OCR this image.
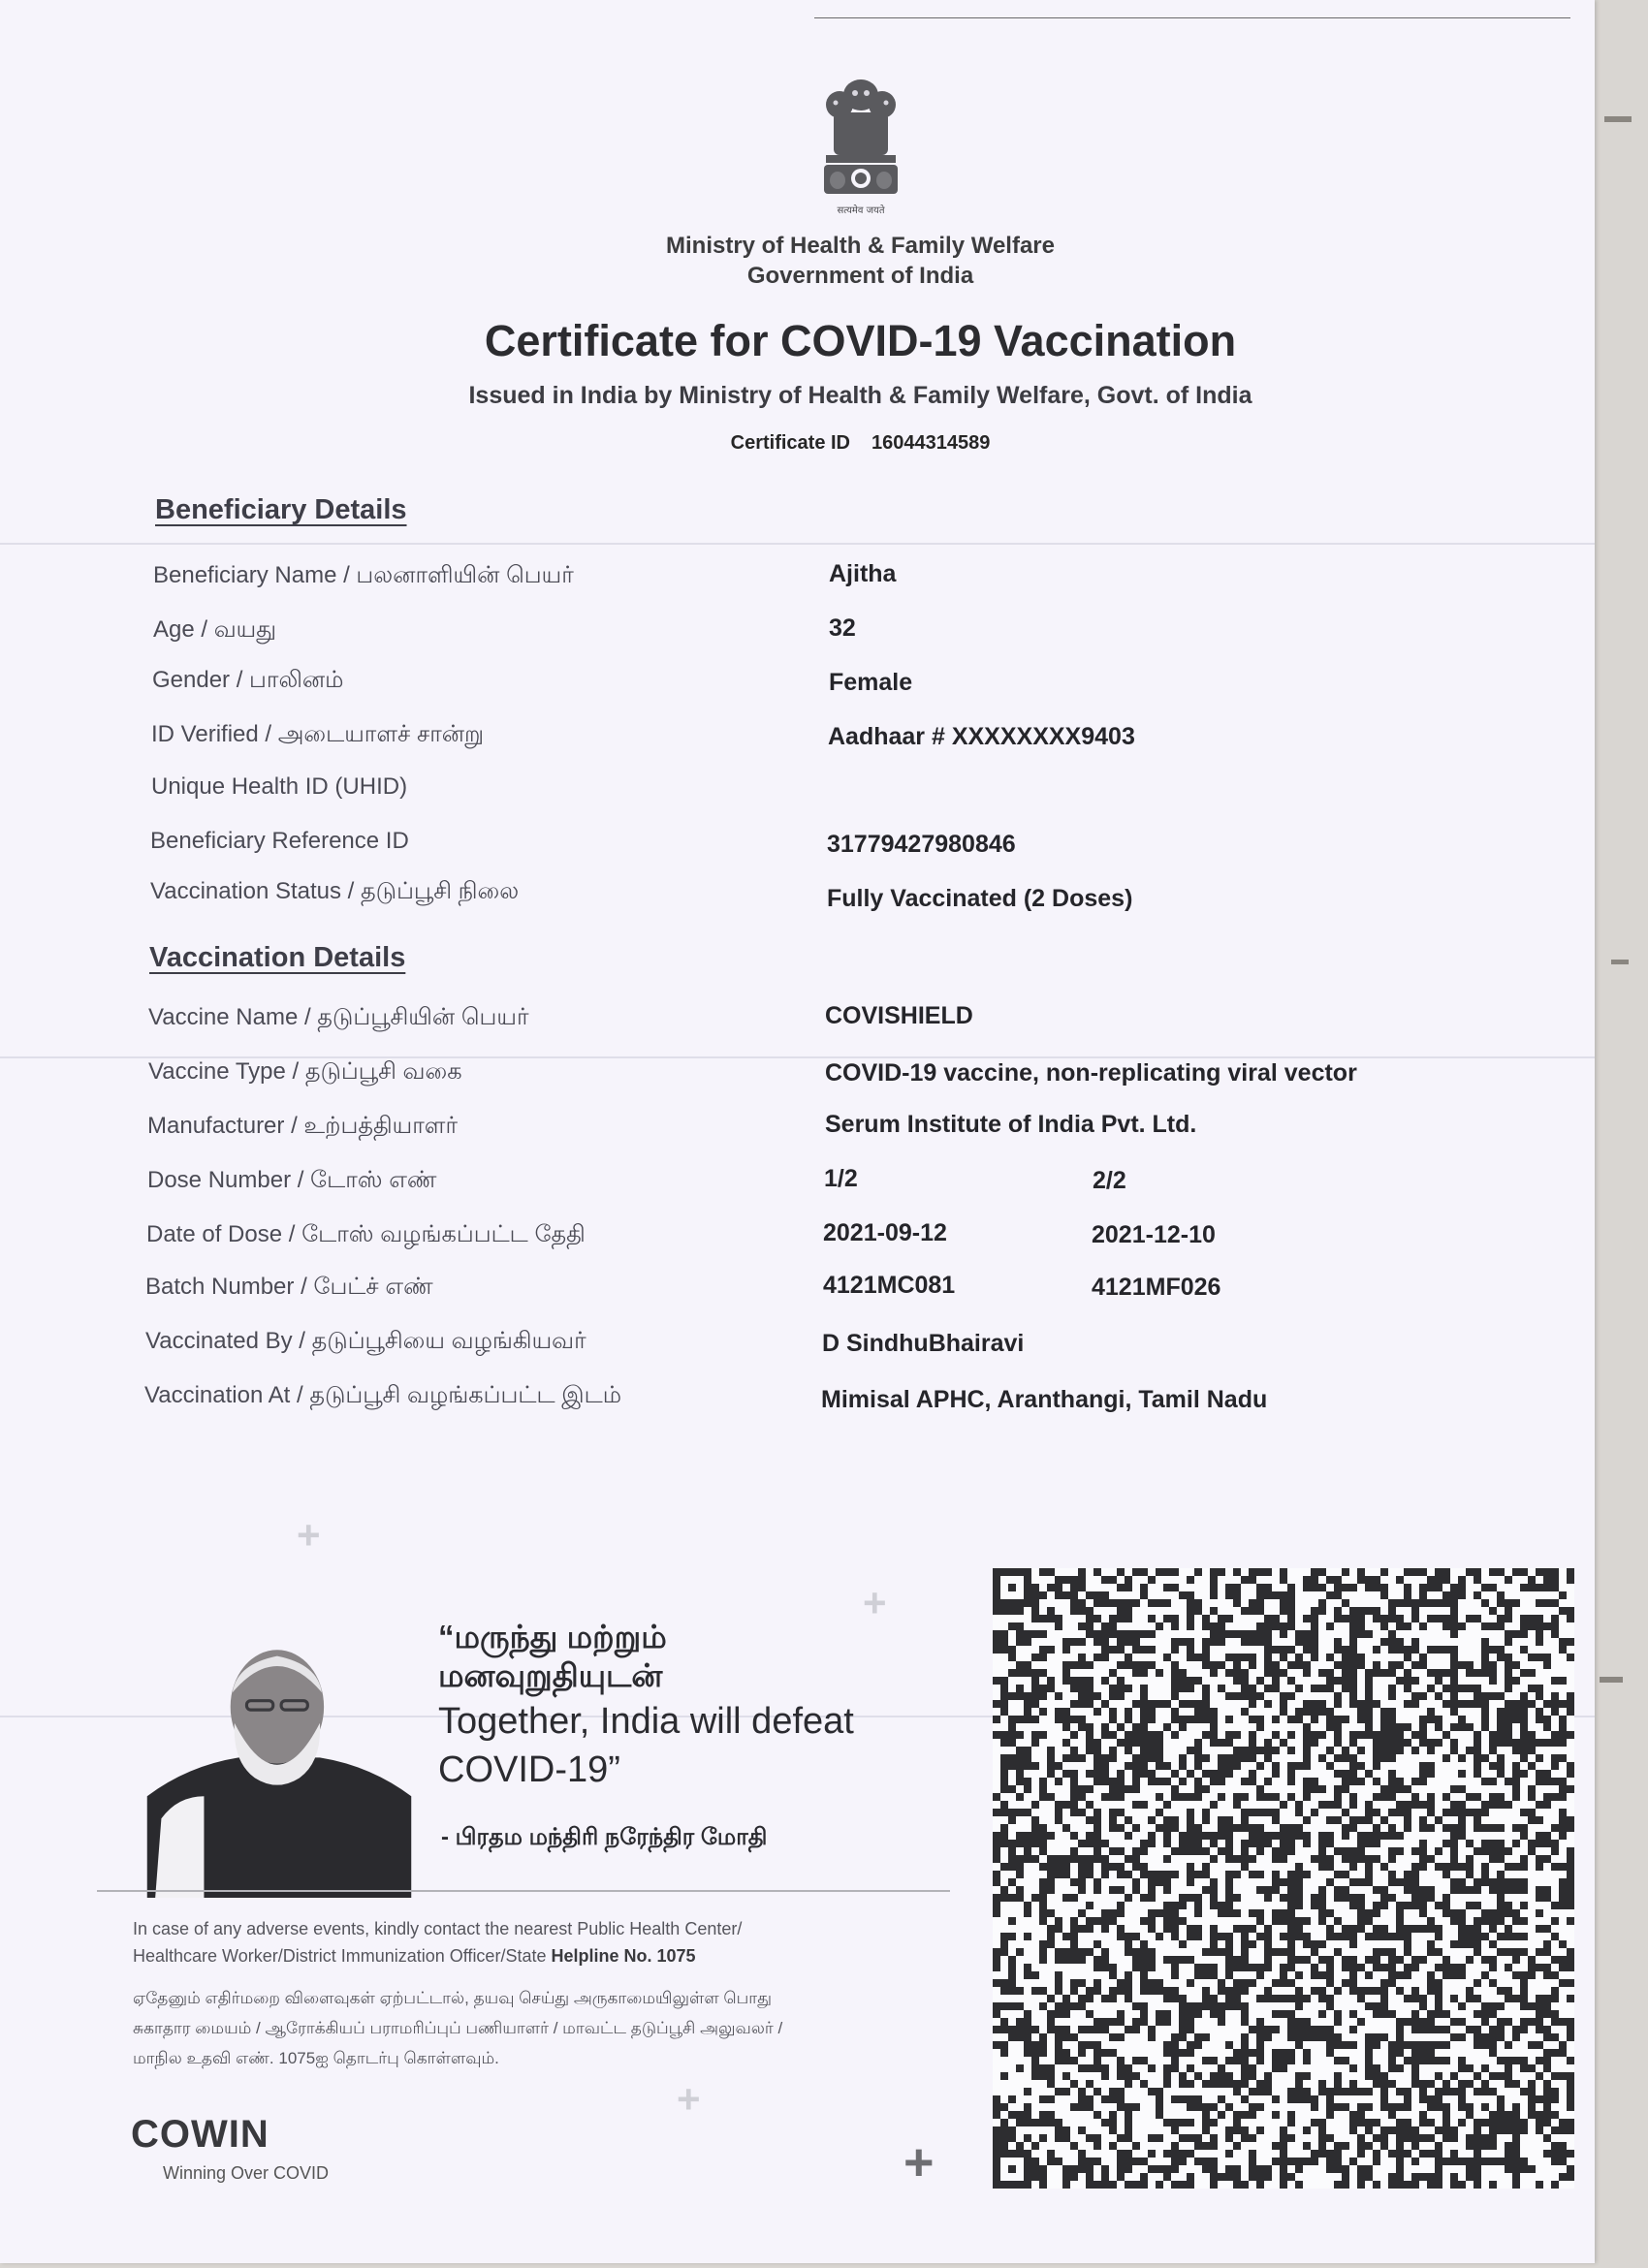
सत्यमेव जयते
Ministry of Health & Family Welfare
Government of India
Certificate for COVID-19 Vaccination
Issued in India by Ministry of Health & Family Welfare, Govt. of India
Certificate ID 16044314589
Beneficiary Details
Beneficiary Name / பலனாளியின் பெயர்	Ajitha
Age / வயது	32
Gender / பாலினம்	Female
ID Verified / அடையாளச் சான்று	Aadhaar # XXXXXXXX9403
Unique Health ID (UHID)
Beneficiary Reference ID	31779427980846
Vaccination Status / தடுப்பூசி நிலை	Fully Vaccinated (2 Doses)
Vaccination Details
Vaccine Name / தடுப்பூசியின் பெயர்	COVISHIELD
Vaccine Type / தடுப்பூசி வகை	COVID-19 vaccine, non-replicating viral vector
Manufacturer / உற்பத்தியாளர்	Serum Institute of India Pvt. Ltd.
Dose Number / டோஸ் எண்	1/2	2/2
Date of Dose / டோஸ் வழங்கப்பட்ட தேதி	2021-09-12	2021-12-10
Batch Number / பேட்ச் எண்	4121MC081	4121MF026
Vaccinated By / தடுப்பூசியை வழங்கியவர்	D SindhuBhairavi
Vaccination At / தடுப்பூசி வழங்கப்பட்ட இடம்	Mimisal APHC, Aranthangi, Tamil Nadu
+
+
+
+
“மருந்து மற்றும்
மனவுறுதியுடன்
Together, India will defeat
COVID-19”
- பிரதம மந்திரி நரேந்திர மோதி
In case of any adverse events, kindly contact the nearest Public Health Center/
Healthcare Worker/District Immunization Officer/State Helpline No. 1075
ஏதேனும் எதிர்மறை விளைவுகள் ஏற்பட்டால், தயவு செய்து அருகாமையிலுள்ள பொது
சுகாதார மையம் / ஆரோக்கியப் பராமரிப்புப் பணியாளர் / மாவட்ட தடுப்பூசி அலுவலர் /
மாநில உதவி எண். 1075ஐ தொடர்பு கொள்ளவும்.
COWIN
Winning Over COVID
